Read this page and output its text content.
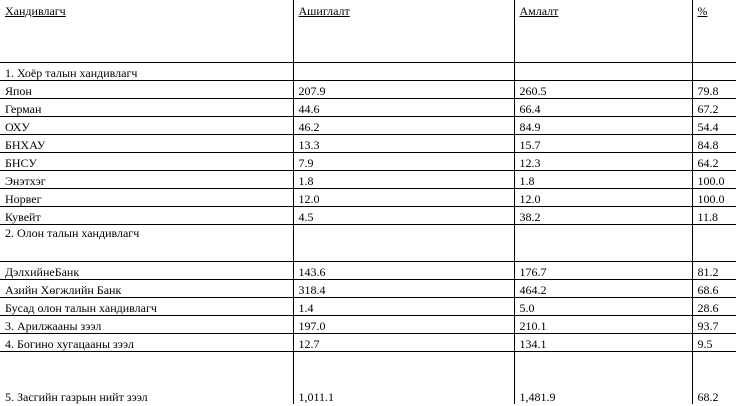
Хандивлагч	Ашиглалт	Амлалт	%
1. Хоёр талын хандивлагч			
Япон	207.9	260.5	79.8
Герман	44.6	66.4	67.2
ОХУ	46.2	84.9	54.4
БНХАУ	13.3	15.7	84.8
БНСУ	7.9	12.3	64.2
Энэтхэг	1.8	1.8	100.0
Норвег	12.0	12.0	100.0
Кувейт	4.5	38.2	11.8
2. Олон талын хандивлагч			
ДэлхийнеБанк	143.6	176.7	81.2
Азийн Хөгжлийн Банк	318.4	464.2	68.6
Бусад олон талын хандивлагч	1.4	5.0	28.6
3. Арилжааны зээл	197.0	210.1	93.7
4. Богино хугацааны зээл	12.7	134.1	9.5
5. Засгийн газрын нийт зээл	1,011.1	1,481.9	68.2
